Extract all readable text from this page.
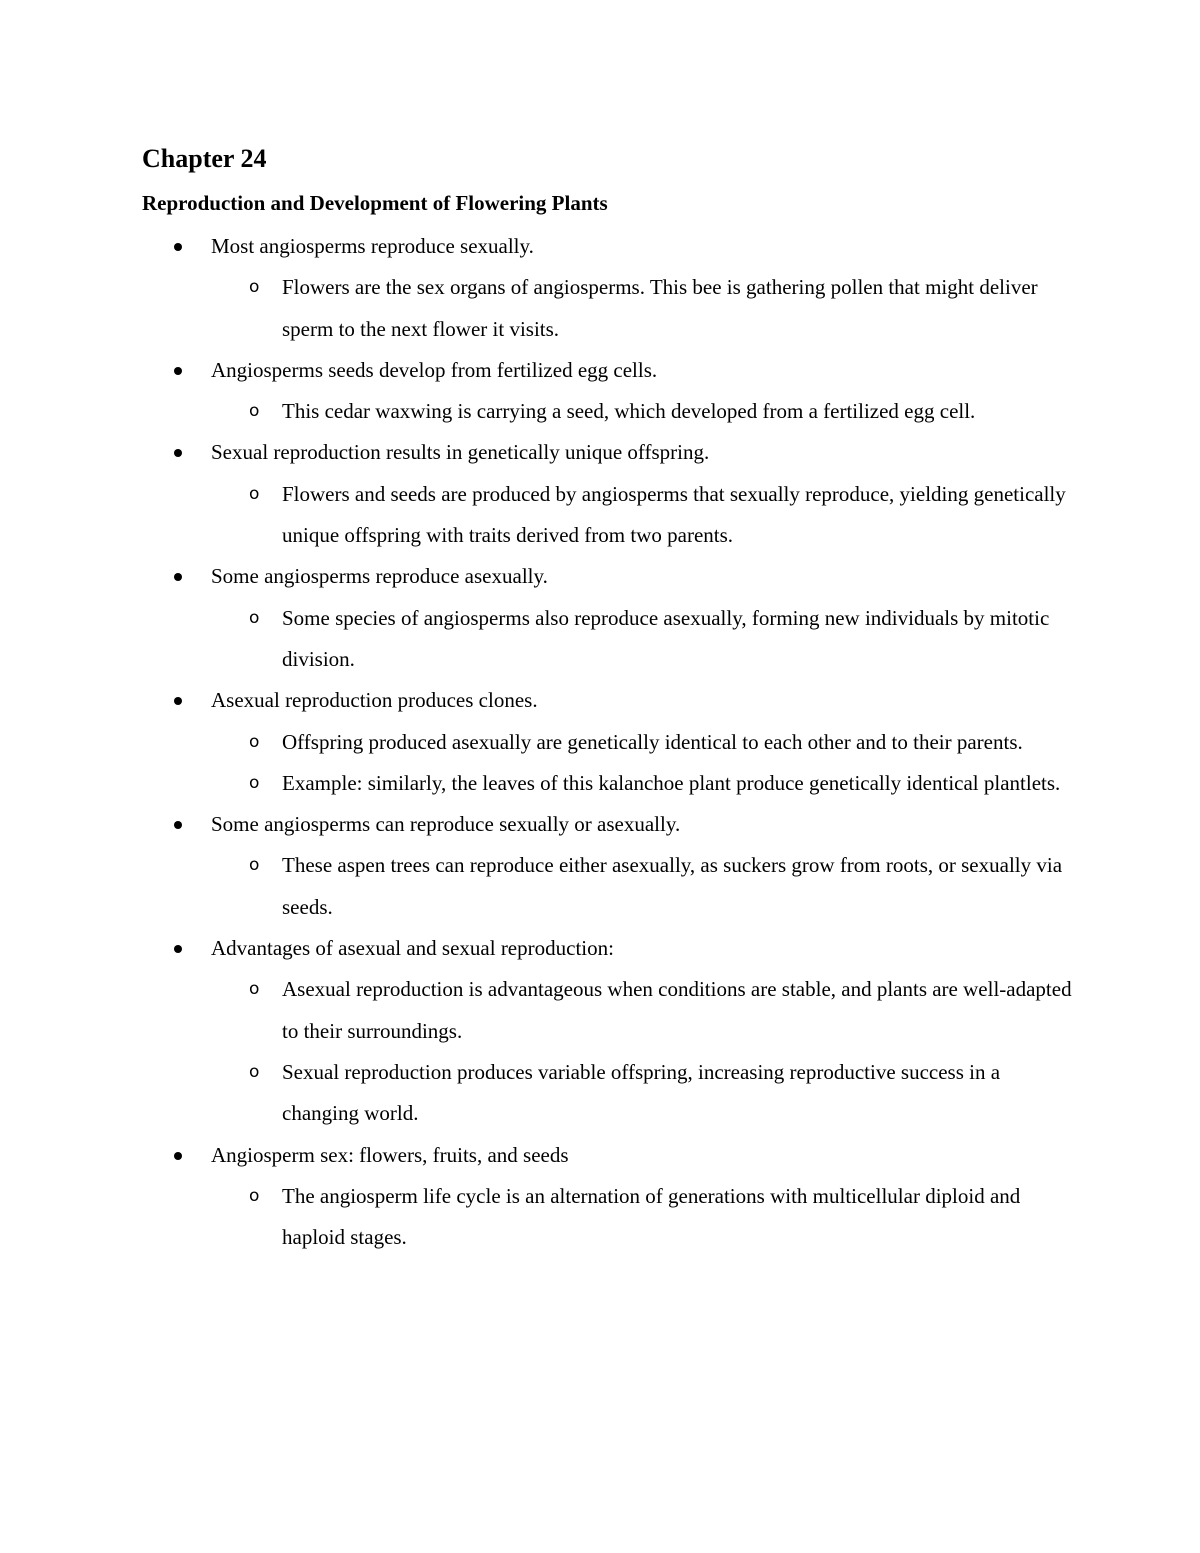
Chapter 24
Reproduction and Development of Flowering Plants
Most angiosperms reproduce sexually.
o Flowers are the sex organs of angiosperms. This bee is gathering pollen that might deliver sperm to the next flower it visits.
Angiosperms seeds develop from fertilized egg cells.
o This cedar waxwing is carrying a seed, which developed from a fertilized egg cell.
Sexual reproduction results in genetically unique offspring.
o Flowers and seeds are produced by angiosperms that sexually reproduce, yielding genetically unique offspring with traits derived from two parents.
Some angiosperms reproduce asexually.
o Some species of angiosperms also reproduce asexually, forming new individuals by mitotic division.
Asexual reproduction produces clones.
o Offspring produced asexually are genetically identical to each other and to their parents.
o Example: similarly, the leaves of this kalanchoe plant produce genetically identical plantlets.
Some angiosperms can reproduce sexually or asexually.
o These aspen trees can reproduce either asexually, as suckers grow from roots, or sexually via seeds.
Advantages of asexual and sexual reproduction:
o Asexual reproduction is advantageous when conditions are stable, and plants are well-adapted to their surroundings.
o Sexual reproduction produces variable offspring, increasing reproductive success in a changing world.
Angiosperm sex: flowers, fruits, and seeds
o The angiosperm life cycle is an alternation of generations with multicellular diploid and haploid stages.
